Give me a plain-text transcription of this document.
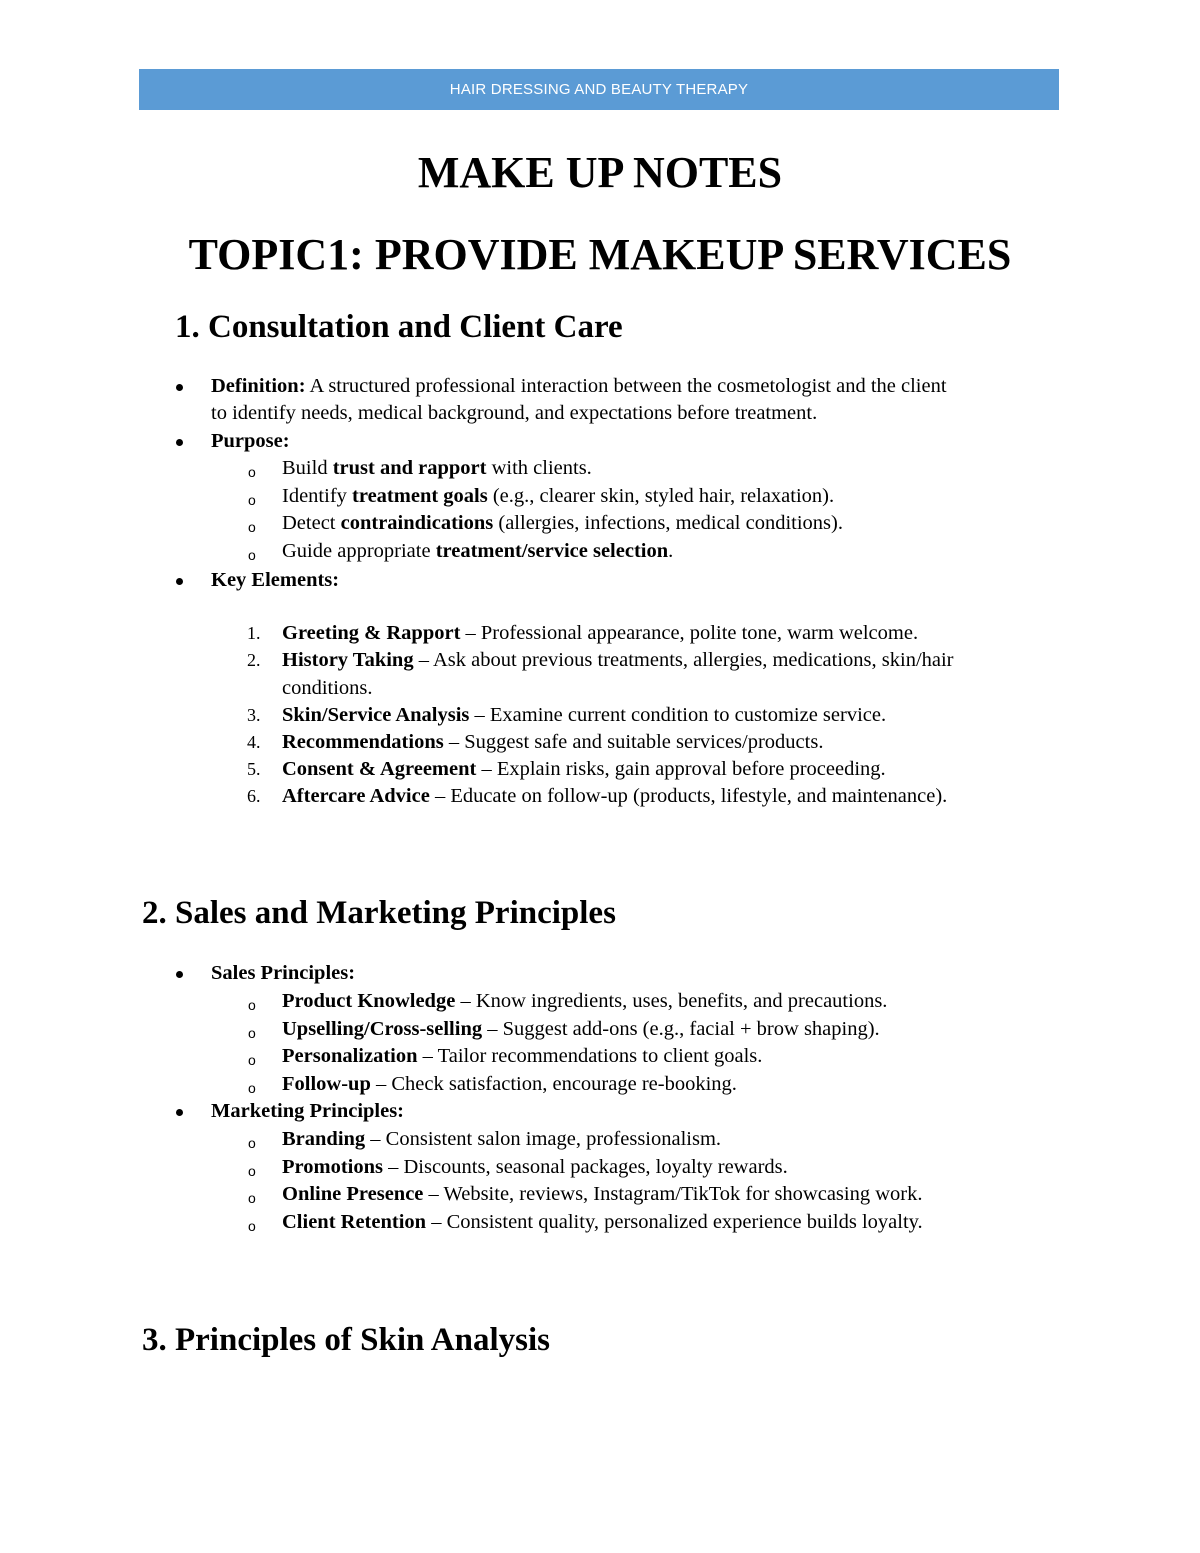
HAIR DRESSING AND BEAUTY THERAPY
MAKE UP NOTES
TOPIC1: PROVIDE MAKEUP SERVICES
1. Consultation and Client Care
Definition: A structured professional interaction between the cosmetologist and the client
to identify needs, medical background, and expectations before treatment.
Purpose:
o Build trust and rapport with clients.
o Identify treatment goals (e.g., clearer skin, styled hair, relaxation).
o Detect contraindications (allergies, infections, medical conditions).
o Guide appropriate treatment/service selection.
Key Elements:
1. Greeting & Rapport – Professional appearance, polite tone, warm welcome.
2. History Taking – Ask about previous treatments, allergies, medications, skin/hair
conditions.
3. Skin/Service Analysis – Examine current condition to customize service.
4. Recommendations – Suggest safe and suitable services/products.
5. Consent & Agreement – Explain risks, gain approval before proceeding.
6. Aftercare Advice – Educate on follow-up (products, lifestyle, and maintenance).
2. Sales and Marketing Principles
Sales Principles:
o Product Knowledge – Know ingredients, uses, benefits, and precautions.
o Upselling/Cross-selling – Suggest add-ons (e.g., facial + brow shaping).
o Personalization – Tailor recommendations to client goals.
o Follow-up – Check satisfaction, encourage re-booking.
Marketing Principles:
o Branding – Consistent salon image, professionalism.
o Promotions – Discounts, seasonal packages, loyalty rewards.
o Online Presence – Website, reviews, Instagram/TikTok for showcasing work.
o Client Retention – Consistent quality, personalized experience builds loyalty.
3. Principles of Skin Analysis
